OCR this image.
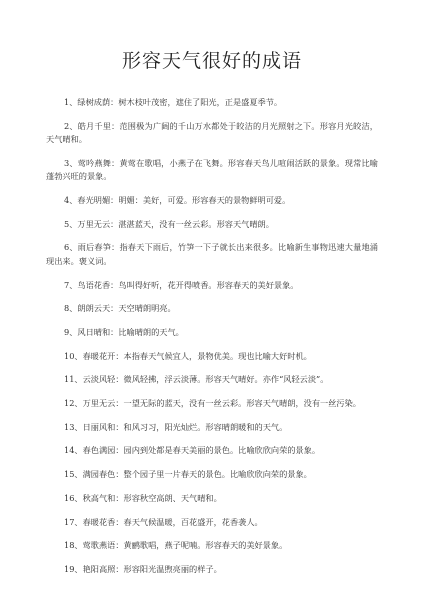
形容天气很好的成语
1、绿树成荫：树木枝叶茂密，遮住了阳光，正是盛夏季节。
2、皓月千里：范围极为广阔的千山万水都处于皎洁的月光照射之下。形容月光皎洁，天气晴和。
3、莺吟燕舞：黄莺在歌唱，小燕子在飞舞。形容春天鸟儿喧闹活跃的景象。现常比喻蓬勃兴旺的景象。
4、春光明媚：明媚：美好，可爱。形容春天的景物鲜明可爱。
5、万里无云：湛湛蓝天，没有一丝云彩。形容天气晴朗。
6、雨后春笋：指春天下雨后，竹笋一下子就长出来很多。比喻新生事物迅速大量地涌现出来。褒义词。
7、鸟语花香：鸟叫得好听，花开得喷香。形容春天的美好景象。
8、朗朗云天：天空晴朗明亮。
9、风日晴和：比喻晴朗的天气。
10、春暖花开：本指春天气候宜人，景物优美。现也比喻大好时机。
11、云淡风轻：微风轻拂，浮云淡薄。形容天气晴好。亦作“风轻云淡”。
12、万里无云：一望无际的蓝天，没有一丝云彩。形容天气晴朗，没有一丝污染。
13、日丽风和：和风习习，阳光灿烂。形容晴朗暖和的天气。
14、春色满园：园内到处都是春天美丽的景色。比喻欣欣向荣的景象。
15、满园春色：整个园子里一片春天的景色。比喻欣欣向荣的景象。
16、秋高气和：形容秋空高朗、天气晴和。
17、春暖花香：春天气候温暖，百花盛开，花香袭人。
18、莺歌燕语：黄鹂歌唱，燕子呢喃。形容春天的美好景象。
19、艳阳高照：形容阳光温煦亮丽的样子。
